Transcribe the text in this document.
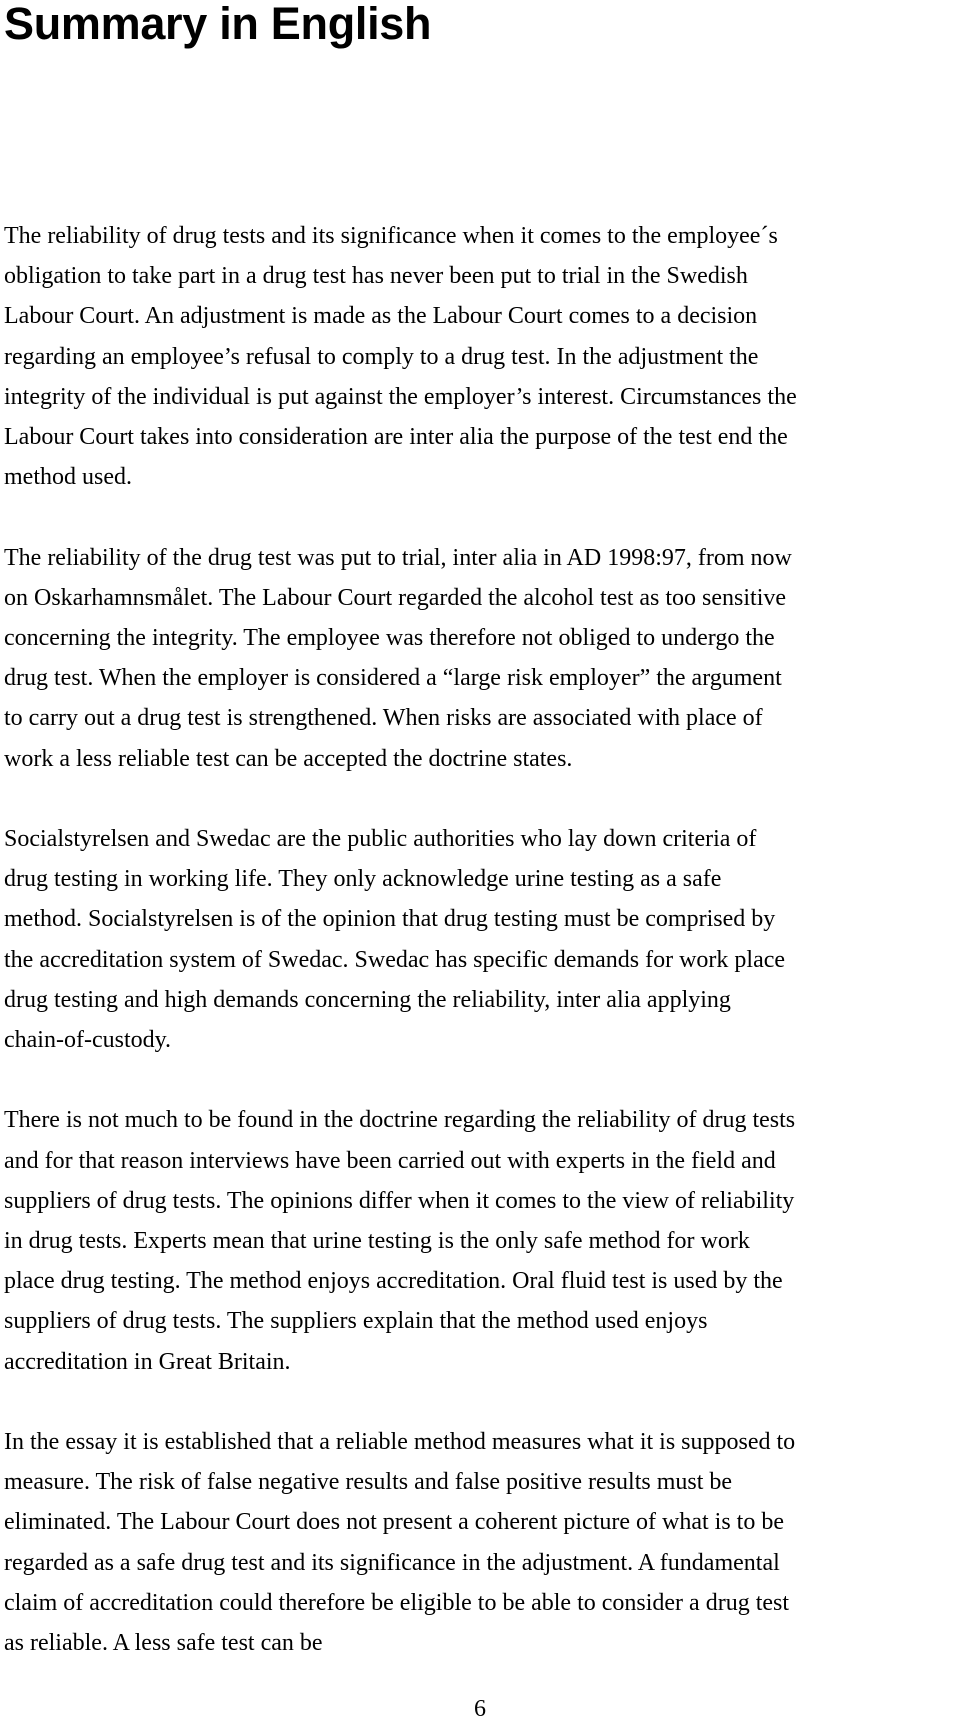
Summary in English

The reliability of drug tests and its significance when it comes to the employee´s
obligation to take part in a drug test has never been put to trial in the Swedish
Labour Court. An adjustment is made as the Labour Court comes to a decision
regarding an employee’s refusal to comply to a drug test. In the adjustment the
integrity of the individual is put against the employer’s interest. Circumstances the
Labour Court takes into consideration are inter alia the purpose of the test end the
method used.

The reliability of the drug test was put to trial, inter alia in AD 1998:97, from now
on Oskarhamnsmålet. The Labour Court regarded the alcohol test as too sensitive
concerning the integrity. The employee was therefore not obliged to undergo the
drug test. When the employer is considered a “large risk employer” the argument
to carry out a drug test is strengthened. When risks are associated with place of
work a less reliable test can be accepted the doctrine states.

Socialstyrelsen and Swedac are the public authorities who lay down criteria of
drug testing in working life. They only acknowledge urine testing as a safe
method. Socialstyrelsen is of the opinion that drug testing must be comprised by
the accreditation system of Swedac. Swedac has specific demands for work place
drug testing and high demands concerning the reliability, inter alia applying
chain-of-custody.

There is not much to be found in the doctrine regarding the reliability of drug tests
and for that reason interviews have been carried out with experts in the field and
suppliers of drug tests. The opinions differ when it comes to the view of reliability
in drug tests. Experts mean that urine testing is the only safe method for work
place drug testing. The method enjoys accreditation. Oral fluid test is used by the
suppliers of drug tests. The suppliers explain that the method used enjoys
accreditation in Great Britain.

In the essay it is established that a reliable method measures what it is supposed to
measure. The risk of false negative results and false positive results must be
eliminated. The Labour Court does not present a coherent picture of what is to be
regarded as a safe drug test and its significance in the adjustment. A fundamental
claim of accreditation could therefore be eligible to be able to consider a drug test
as reliable. A less safe test can be

6
